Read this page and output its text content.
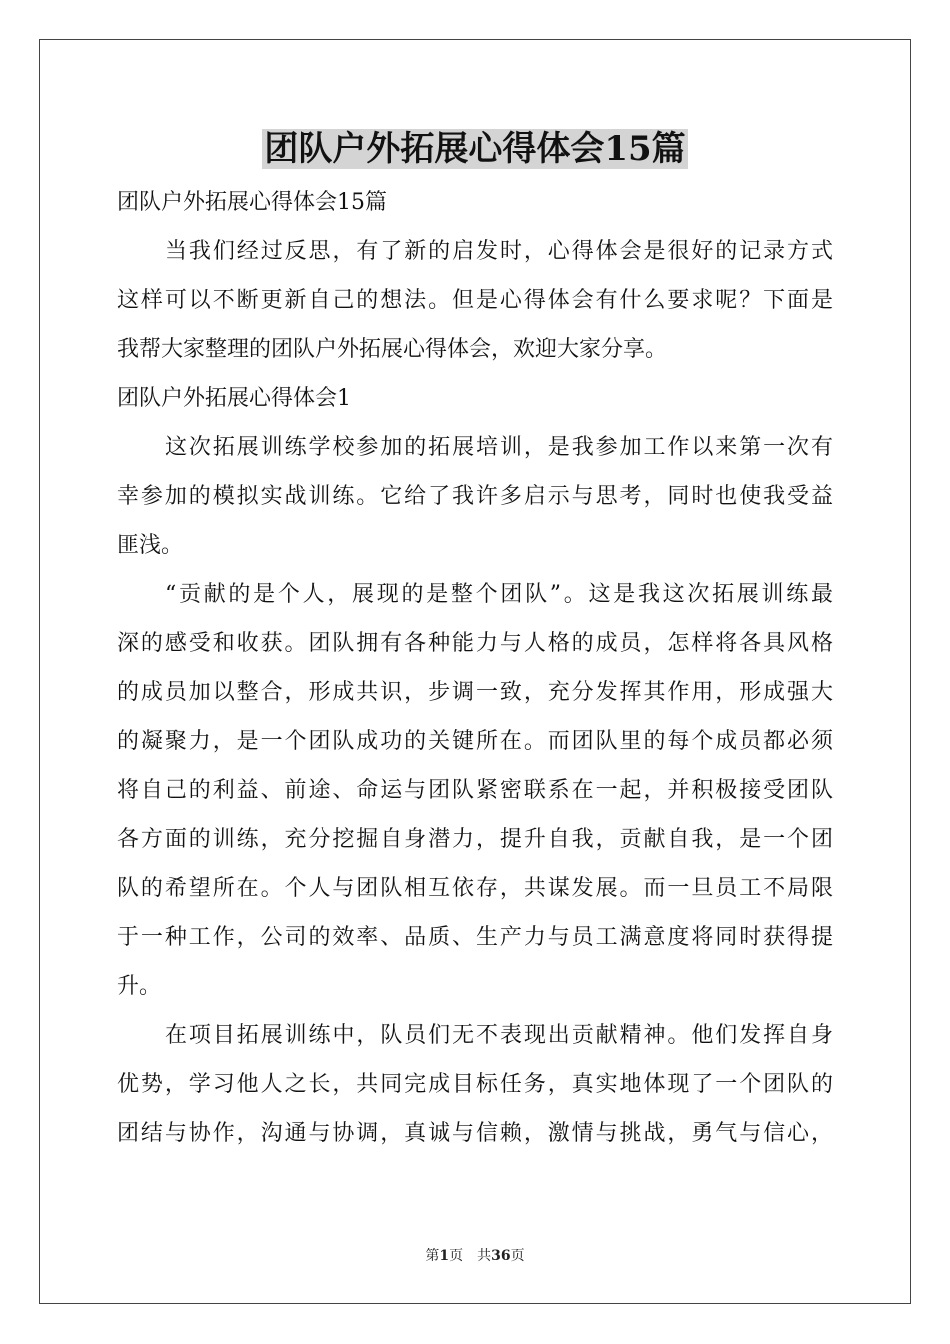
团队户外拓展心得体会15篇
团队户外拓展心得体会15篇
当我们经过反思，有了新的启发时，心得体会是很好的记录方式
这样可以不断更新自己的想法。但是心得体会有什么要求呢？下面是
我帮大家整理的团队户外拓展心得体会，欢迎大家分享。
团队户外拓展心得体会1
这次拓展训练学校参加的拓展培训，是我参加工作以来第一次有
幸参加的模拟实战训练。它给了我许多启示与思考，同时也使我受益
匪浅。
“贡献的是个人，展现的是整个团队”。这是我这次拓展训练最
深的感受和收获。团队拥有各种能力与人格的成员，怎样将各具风格
的成员加以整合，形成共识，步调一致，充分发挥其作用，形成强大
的凝聚力，是一个团队成功的关键所在。而团队里的每个成员都必须
将自己的利益、前途、命运与团队紧密联系在一起，并积极接受团队
各方面的训练，充分挖掘自身潜力，提升自我，贡献自我，是一个团
队的希望所在。个人与团队相互依存，共谋发展。而一旦员工不局限
于一种工作，公司的效率、品质、生产力与员工满意度将同时获得提
升。
在项目拓展训练中，队员们无不表现出贡献精神。他们发挥自身
优势，学习他人之长，共同完成目标任务，真实地体现了一个团队的
团结与协作，沟通与协调，真诚与信赖，激情与挑战，勇气与信心，
第1页　共36页
